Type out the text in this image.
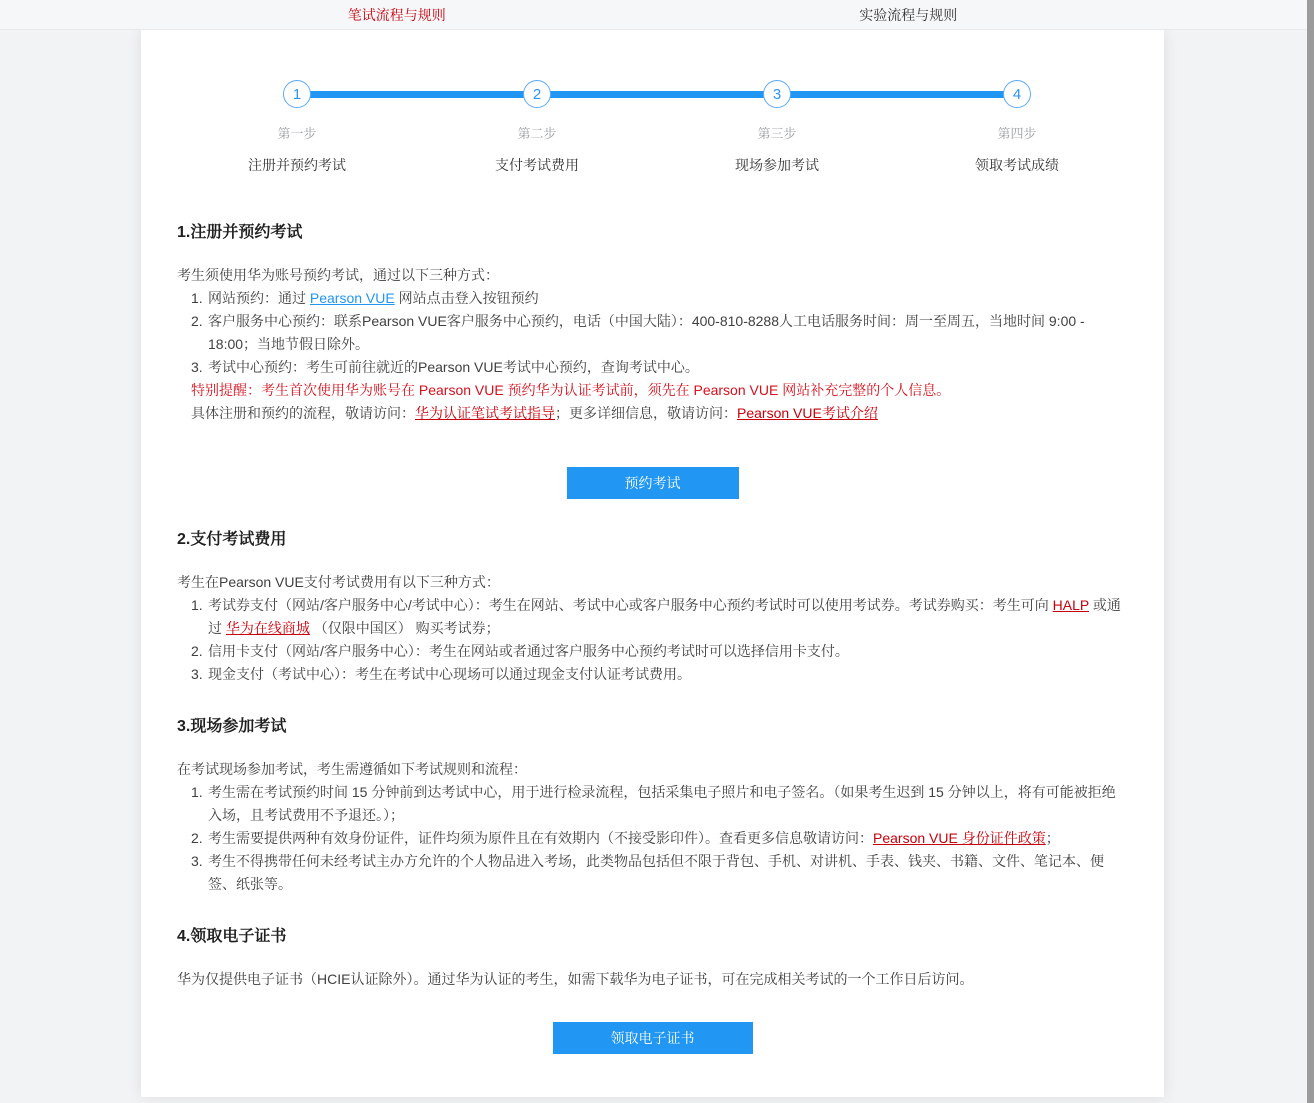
笔试流程与规则	实验流程与规则
1
第一步
注册并预约考试
2
第二步
支付考试费用
3
第三步
现场参加考试
4
第四步
领取考试成绩
1.注册并预约考试

考生须使用华为账号预约考试，通过以下三种方式：

网站预约：通过 Pearson VUE 网站点击登入按钮预约
客户服务中心预约：联系Pearson VUE客户服务中心预约，电话（中国大陆）：400-810-8288人工电话服务时间：周一至周五，当地时间 9:00 - 18:00；当地节假日除外。
考试中心预约：考生可前往就近的Pearson VUE考试中心预约，查询考试中心。

特别提醒：考生首次使用华为账号在 Pearson VUE 预约华为认证考试前，须先在 Pearson VUE 网站补充完整的个人信息。

具体注册和预约的流程，敬请访问：华为认证笔试考试指导；更多详细信息，敬请访问：Pearson VUE考试介绍

预约考试
2.支付考试费用

考生在Pearson VUE支付考试费用有以下三种方式：

考试券支付（网站/客户服务中心/考试中心）：考生在网站、考试中心或客户服务中心预约考试时可以使用考试券。考试券购买：考生可向 HALP 或通过 华为在线商城 （仅限中国区） 购买考试券；
信用卡支付（网站/客户服务中心）：考生在网站或者通过客户服务中心预约考试时可以选择信用卡支付。
现金支付（考试中心）：考生在考试中心现场可以通过现金支付认证考试费用。
3.现场参加考试

在考试现场参加考试，考生需遵循如下考试规则和流程：

考生需在考试预约时间 15 分钟前到达考试中心，用于进行检录流程，包括采集电子照片和电子签名。（如果考生迟到 15 分钟以上，将有可能被拒绝入场，且考试费用不予退还。）；
考生需要提供两种有效身份证件，证件均须为原件且在有效期内（不接受影印件）。查看更多信息敬请访问：Pearson VUE 身份证件政策；
考生不得携带任何未经考试主办方允许的个人物品进入考场，此类物品包括但不限于背包、手机、对讲机、手表、钱夹、书籍、文件、笔记本、便签、纸张等。
4.领取电子证书

华为仅提供电子证书（HCIE认证除外）。通过华为认证的考生，如需下载华为电子证书，可在完成相关考试的一个工作日后访问。

领取电子证书
